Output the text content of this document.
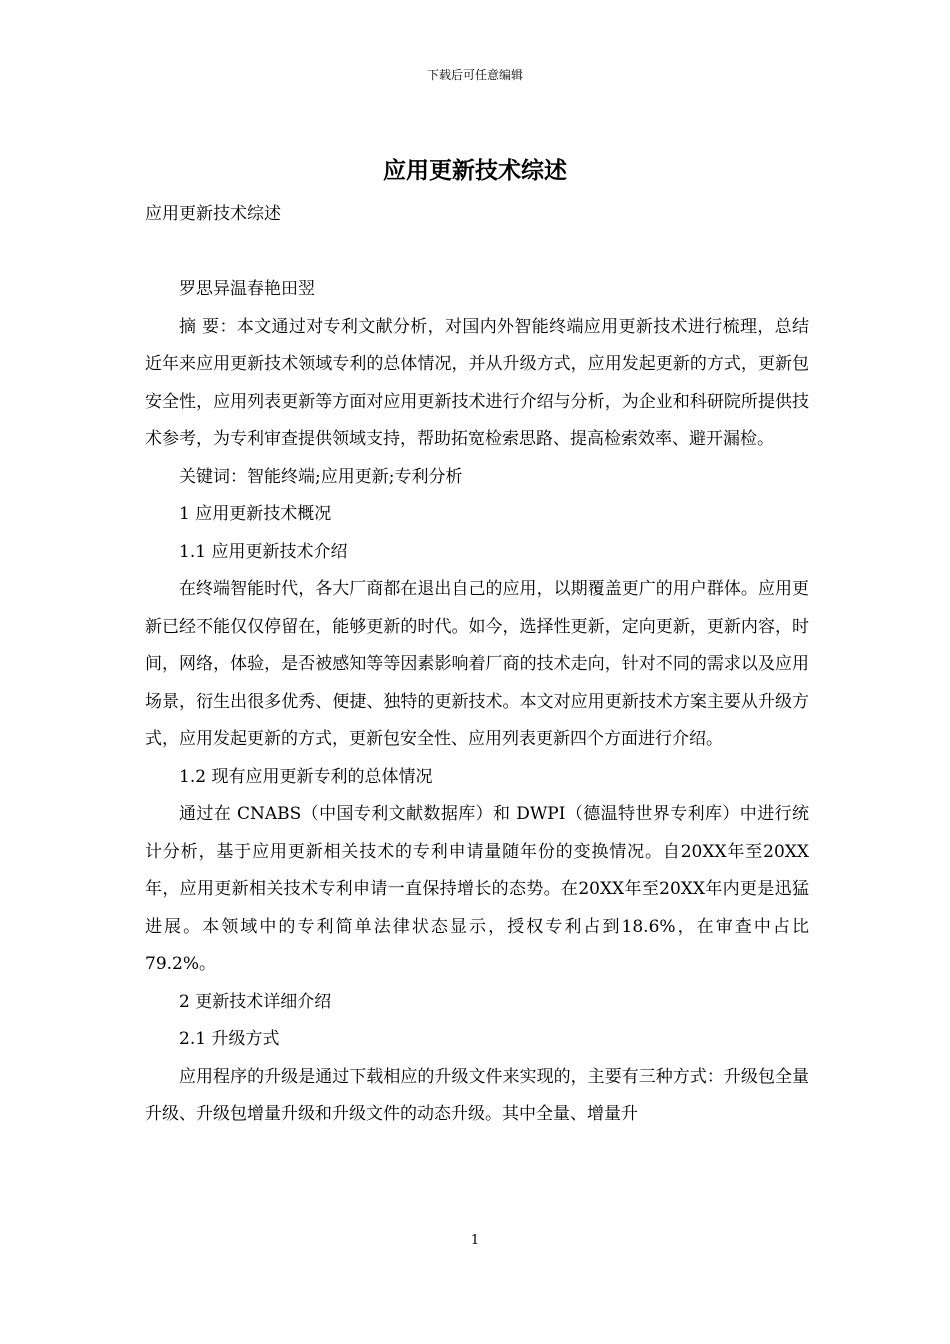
下载后可任意编辑
应用更新技术综述

应用更新技术综述

罗思异温春艳田翌

摘 要：本文通过对专利文献分析，对国内外智能终端应用更新技术进行梳理，总结近年来应用更新技术领域专利的总体情况，并从升级方式，应用发起更新的方式，更新包安全性，应用列表更新等方面对应用更新技术进行介绍与分析，为企业和科研院所提供技术参考，为专利审查提供领域支持，帮助拓宽检索思路、提高检索效率、避开漏检。

关键词：智能终端;应用更新;专利分析

1 应用更新技术概况

1.1 应用更新技术介绍

在终端智能时代，各大厂商都在退出自己的应用，以期覆盖更广的用户群体。应用更新已经不能仅仅停留在，能够更新的时代。如今，选择性更新，定向更新，更新内容，时间，网络，体验，是否被感知等等因素影响着厂商的技术走向，针对不同的需求以及应用场景，衍生出很多优秀、便捷、独特的更新技术。本文对应用更新技术方案主要从升级方式，应用发起更新的方式，更新包安全性、应用列表更新四个方面进行介绍。

1.2 现有应用更新专利的总体情况

通过在 CNABS（中国专利文献数据库）和 DWPI（德温特世界专利库）中进行统计分析，基于应用更新相关技术的专利申请量随年份的变换情况。自20XX年至20XX年，应用更新相关技术专利申请一直保持增长的态势。在20XX年至20XX年内更是迅猛进展。本领域中的专利简单法律状态显示，授权专利占到18.6%，在审查中占比79.2%。

2 更新技术详细介绍

2.1 升级方式

应用程序的升级是通过下载相应的升级文件来实现的，主要有三种方式：升级包全量升级、升级包增量升级和升级文件的动态升级。其中全量、增量升

1
